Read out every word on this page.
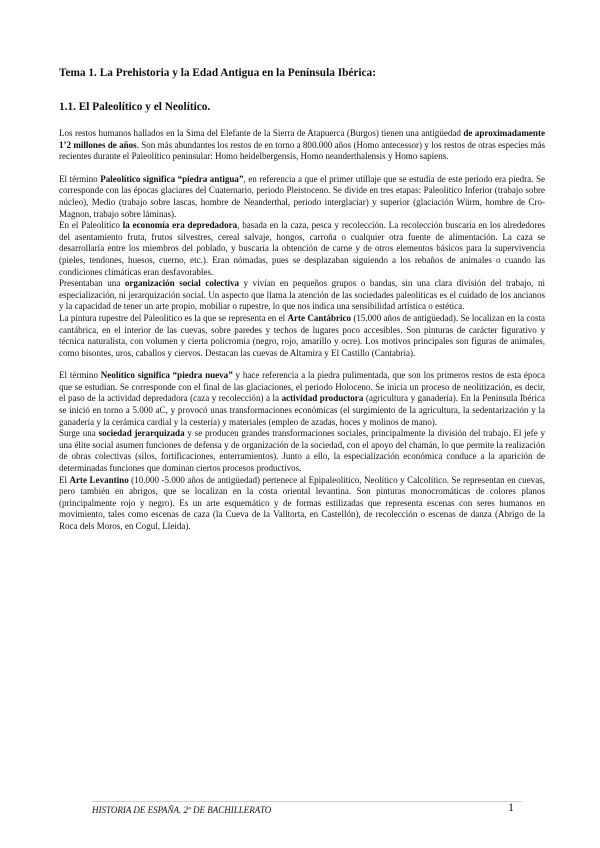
Tema 1. La Prehistoria y la Edad Antigua en la Península Ibérica:
1.1. El Paleolítico y el Neolítico.

Los restos humanos hallados en la Sima del Elefante de la Sierra de Atapuerca (Burgos) tienen una antigüedad de aproximadamente 1’2 millones de años. Son más abundantes los restos de en torno a 800.000 años (Homo antecessor) y los restos de otras especies más recientes durante el Paleolítico peninsular: Homo heidelbergensis, Homo neanderthalensis y Homo sapiens.

El término Paleolítico significa “piedra antigua”, en referencia a que el primer utillaje que se estudia de este periodo era piedra. Se corresponde con las épocas glaciares del Cuaternario, periodo Pleistoceno. Se divide en tres etapas: Paleolítico Inferior (trabajo sobre núcleo), Medio (trabajo sobre lascas, hombre de Neanderthal, periodo interglaciar) y superior (glaciación Würm, hombre de Cro-Magnon, trabajo sobre láminas).

En el Paleolítico la economía era depredadora, basada en la caza, pesca y recolección. La recolección buscaría en los alrededores del asentamiento fruta, frutos silvestres, cereal salvaje, hongos, carroña o cualquier otra fuente de alimentación. La caza se desarrollaría entre los miembros del poblado, y buscaría la obtención de carne y de otros elementos básicos para la supervivencia (pieles, tendones, huesos, cuerno, etc.). Eran nómadas, pues se desplazaban siguiendo a los rebaños de animales o cuando las condiciones climáticas eran desfavorables.

Presentaban una organización social colectiva y vivían en pequeños grupos o bandas, sin una clara división del trabajo, ni especialización, ni jerarquización social. Un aspecto que llama la atención de las sociedades paleolíticas es el cuidado de los ancianos y la capacidad de tener un arte propio, mobiliar o rupestre, lo que nos indica una sensibilidad artística o estética.

La pintura rupestre del Paleolítico es la que se representa en el Arte Cantábrico (15.000 años de antigüedad). Se localizan en la costa cantábrica, en el interior de las cuevas, sobre paredes y techos de lugares poco accesibles. Son pinturas de carácter figurativo y técnica naturalista, con volumen y cierta policromía (negro, rojo, amarillo y ocre). Los motivos principales son figuras de animales, como bisontes, uros, caballos y ciervos. Destacan las cuevas de Altamira y El Castillo (Cantabria).

El término Neolítico significa “piedra nueva” y hace referencia a la piedra pulimentada, que son los primeros restos de esta época que se estudian. Se corresponde con el final de las glaciaciones, el periodo Holoceno. Se inicia un proceso de neolitización, es decir, el paso de la actividad depredadora (caza y recolección) a la actividad productora (agricultura y ganadería). En la Península Ibérica se inició en torno a 5.000 aC, y provocó unas transformaciones económicas (el surgimiento de la agricultura, la sedentarización y la ganadería y la cerámica cardial y la cestería) y materiales (empleo de azadas, hoces y molinos de mano).

Surge una sociedad jerarquizada y se producen grandes transformaciones sociales, principalmente la división del trabajo. El jefe y una élite social asumen funciones de defensa y de organización de la sociedad, con el apoyo del chamán, lo que permite la realización de obras colectivas (silos, fortificaciones, enterramientos). Junto a ello, la especialización económica conduce a la aparición de determinadas funciones que dominan ciertos procesos productivos.

El Arte Levantino (10.000 -5.000 años de antigüedad) pertenece al Epipaleolítico, Neolítico y Calcolítico. Se representan en cuevas, pero también en abrigos, que se localizan en la costa oriental levantina. Son pinturas monocromáticas de colores planos (principalmente rojo y negro). Es un arte esquemático y de formas estilizadas que representa escenas con seres humanos en movimiento, tales como escenas de caza (la Cueva de la Valltorta, en Castellón), de recolección o escenas de danza (Abrigo de la Roca dels Moros, en Cogul, Lleida).

HISTORIA DE ESPAÑA. 2º DE BACHILLERATO	1
